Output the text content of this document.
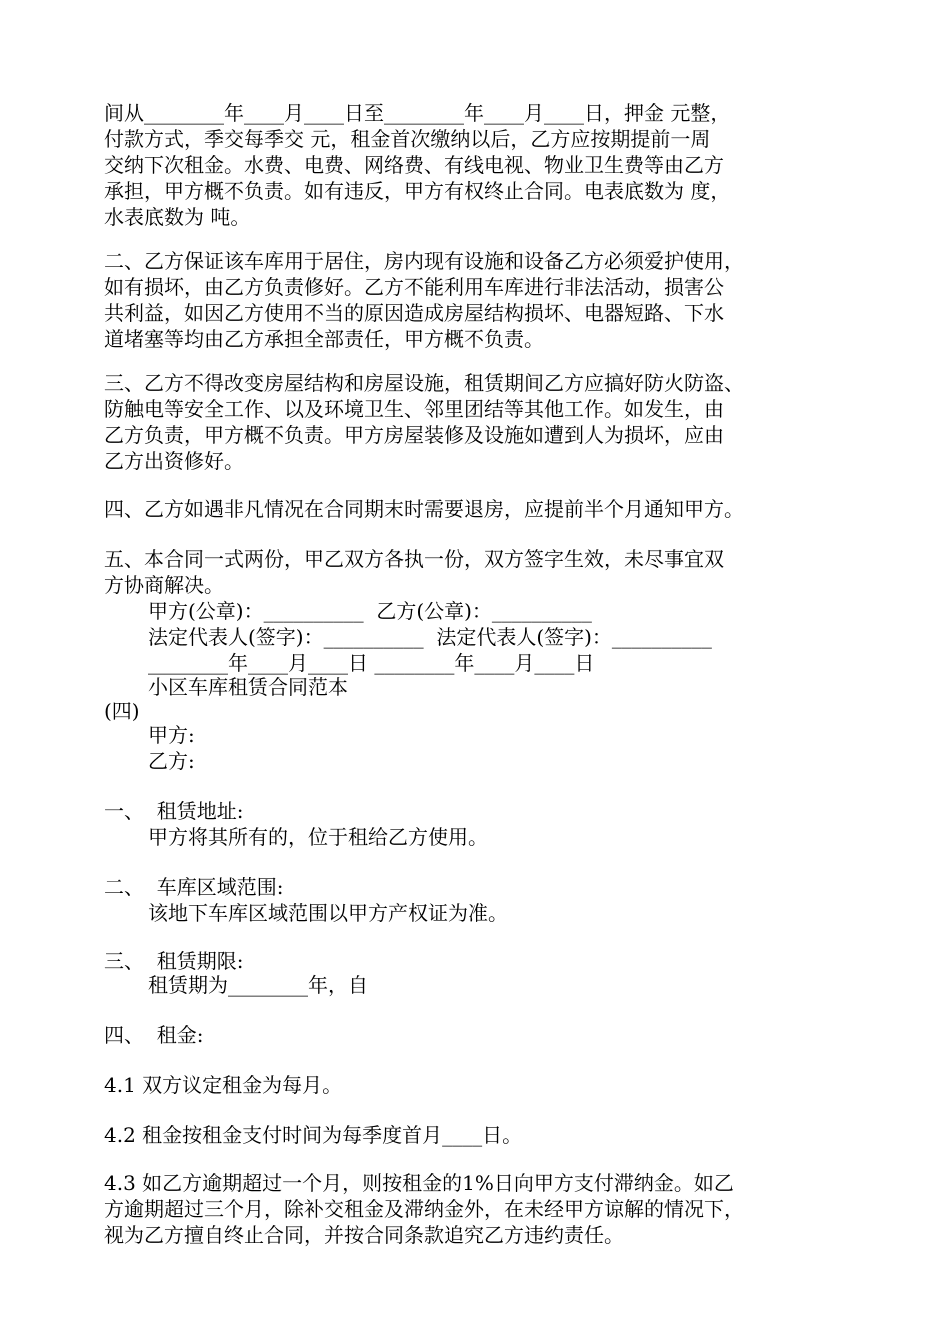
间从________年____月____日至________年____月____日，押金 元整，
付款方式，季交每季交 元，租金首次缴纳以后，乙方应按期提前一周
交纳下次租金。水费、电费、网络费、有线电视、物业卫生费等由乙方
承担，甲方概不负责。如有违反，甲方有权终止合同。电表底数为 度，
水表底数为 吨。
二、乙方保证该车库用于居住，房内现有设施和设备乙方必须爱护使用，
如有损坏，由乙方负责修好。乙方不能利用车库进行非法活动，损害公
共利益，如因乙方使用不当的原因造成房屋结构损坏、电器短路、下水
道堵塞等均由乙方承担全部责任，甲方概不负责。
三、乙方不得改变房屋结构和房屋设施，租赁期间乙方应搞好防火防盗、
防触电等安全工作、以及环境卫生、邻里团结等其他工作。如发生，由
乙方负责，甲方概不负责。甲方房屋装修及设施如遭到人为损坏，应由
乙方出资修好。
四、乙方如遇非凡情况在合同期末时需要退房，应提前半个月通知甲方。
五、本合同一式两份，甲乙双方各执一份，双方签字生效，未尽事宜双
方协商解决。
甲方(公章)：__________  乙方(公章)：__________
法定代表人(签字)：__________  法定代表人(签字)：__________
________年____月____日 ________年____月____日
小区车库租赁合同范本
(四)
甲方:
乙方:
一、  租赁地址:
甲方将其所有的，位于租给乙方使用。
二、  车库区域范围:
该地下车库区域范围以甲方产权证为准。
三、  租赁期限:
租赁期为________年，自
四、  租金:
4.1 双方议定租金为每月。
4.2 租金按租金支付时间为每季度首月____日。
4.3 如乙方逾期超过一个月，则按租金的1%日向甲方支付滞纳金。如乙
方逾期超过三个月，除补交租金及滞纳金外，在未经甲方谅解的情况下，
视为乙方擅自终止合同，并按合同条款追究乙方违约责任。
